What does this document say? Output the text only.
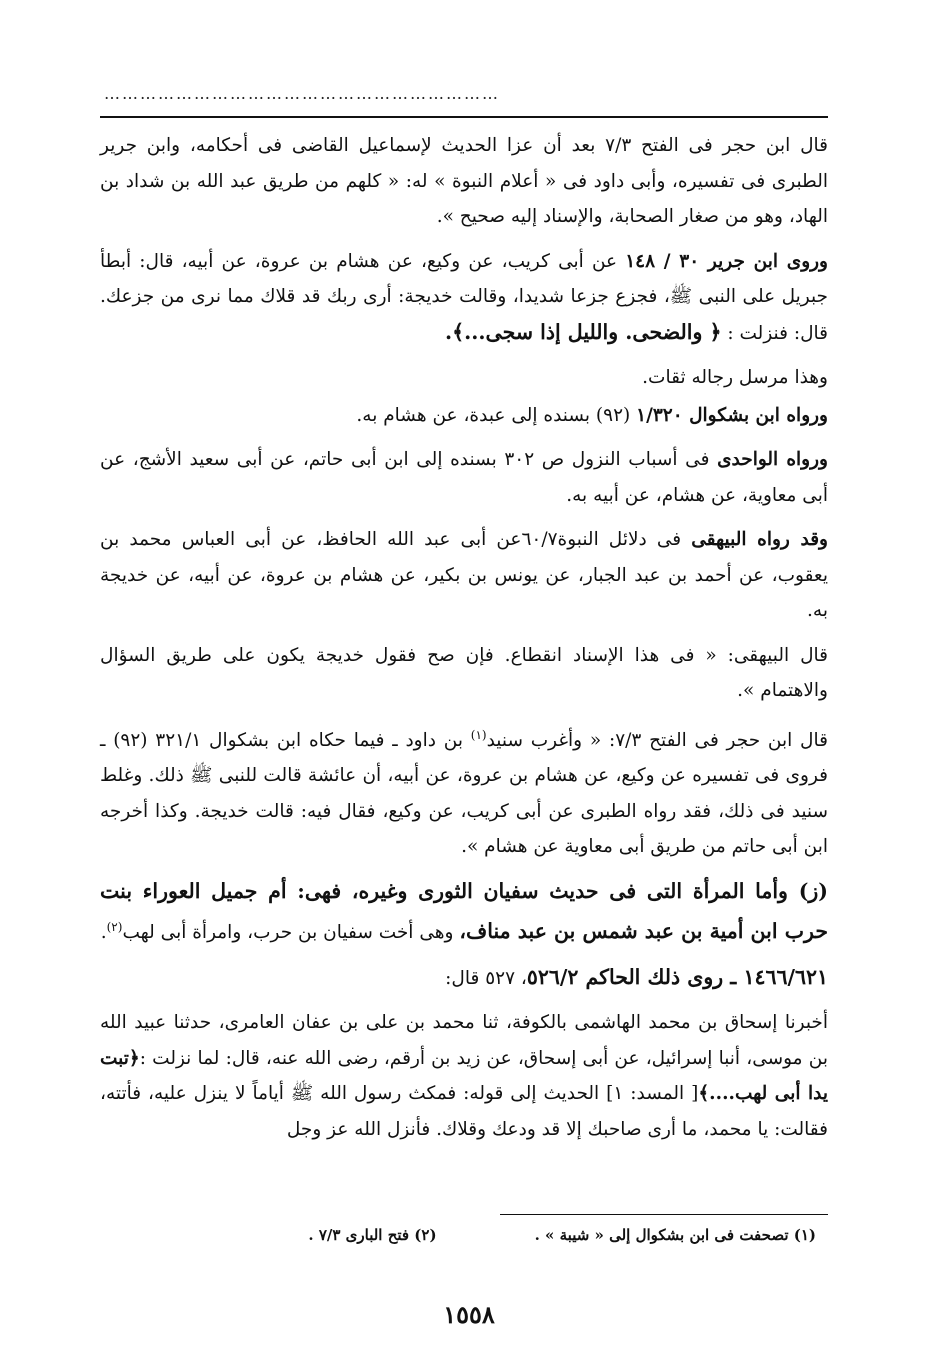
…………………………………………………………

قال ابن حجر فى الفتح ٧/٣ بعد أن عزا الحديث لإسماعيل القاضى فى أحكامه، وابن جرير الطبرى فى تفسيره، وأبى داود فى « أعلام النبوة » له: « كلهم من طريق عبد الله بن شداد بن الهاد، وهو من صغار الصحابة، والإسناد إليه صحيح ».

وروى ابن جرير ٣٠ / ١٤٨ عن أبى كريب، عن وكيع، عن هشام بن عروة، عن أبيه، قال: أبطأ جبريل على النبى ﷺ، فجزع جزعا شديدا، وقالت خديجة: أرى ربك قد قلاك مما نرى من جزعك. قال: فنزلت : ﴿ والضحى. والليل إذا سجى...﴾.

وهذا مرسل رجاله ثقات.

ورواه ابن بشكوال ١/٣٢٠ (٩٢) بسنده إلى عبدة، عن هشام به.

ورواه الواحدى فى أسباب النزول ص ٣٠٢ بسنده إلى ابن أبى حاتم، عن أبى سعيد الأشج، عن أبى معاوية، عن هشام، عن أبيه به.

وقد رواه البيهقى فى دلائل النبوة٦٠/٧عن أبى عبد الله الحافظ، عن أبى العباس محمد بن يعقوب، عن أحمد بن عبد الجبار، عن يونس بن بكير، عن هشام بن عروة، عن أبيه، عن خديجة به.

قال البيهقى: « فى هذا الإسناد انقطاع. فإن صح فقول خديجة يكون على طريق السؤال والاهتمام ».

قال ابن حجر فى الفتح ٧/٣: « وأغرب سنيد$^{(١)}$ بن داود ـ فيما حكاه ابن بشكوال ٣٢١/١ (٩٢) ـ فروى فى تفسيره عن وكيع، عن هشام بن عروة، عن أبيه، أن عائشة قالت للنبى ﷺ ذلك. وغلط سنيد فى ذلك، فقد رواه الطبرى عن أبى كريب، عن وكيع، فقال فيه: قالت خديجة. وكذا أخرجه ابن أبى حاتم من طريق أبى معاوية عن هشام ».

(ز) وأما المرأة التى فى حديث سفيان الثورى وغيره، فهى: أم جميل العوراء بنت حرب ابن أمية بن عبد شمس بن عبد مناف، وهى أخت سفيان بن حرب، وامرأة أبى لهب$^{(٢)}$.

١٤٦٦/٦٢١ ـ روى ذلك الحاكم ٥٢٦/٢، ٥٢٧ قال:

أخبرنا إسحاق بن محمد الهاشمى بالكوفة، ثنا محمد بن على بن عفان العامرى، حدثنا عبيد الله بن موسى، أنبا إسرائيل، عن أبى إسحاق، عن زيد بن أرقم، رضى الله عنه، قال: لما نزلت :﴿تبت يدا أبى لهب....﴾[ المسد: ١] الحديث إلى قوله: فمكث رسول الله ﷺ أياماً لا ينزل عليه، فأتته، فقالت: يا محمد، ما أرى صاحبك إلا قد ودعك وقلاك. فأنزل الله عز وجل

(١) تصحفت فى ابن بشكوال إلى « شيبة » .
(٢) فتح البارى ٧/٣ .
١٥٥٨
